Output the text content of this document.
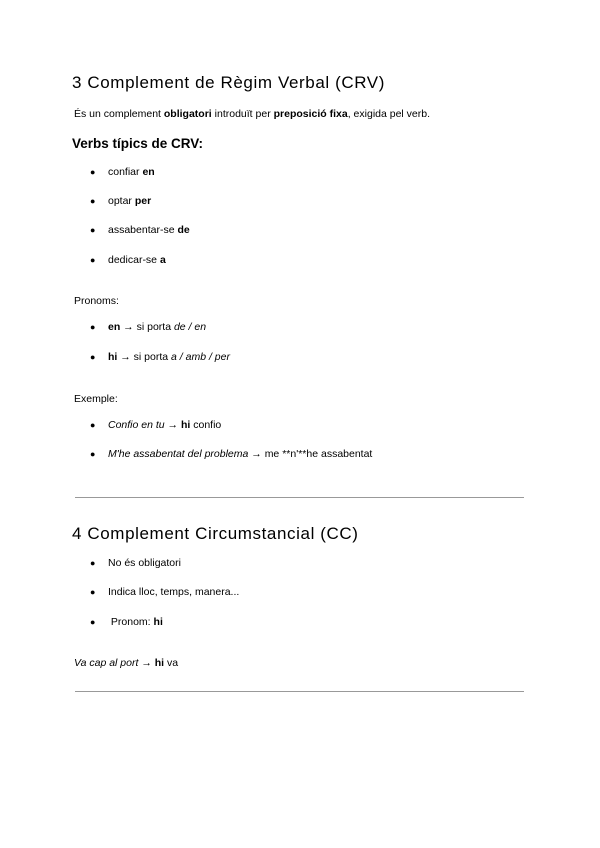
3 Complement de Règim Verbal (CRV)

És un complement obligatori introduït per preposició fixa, exigida pel verb.

Verbs típics de CRV:

● confiar en

● optar per

● assabentar-se de

● dedicar-se a

Pronoms:

● en → si porta de / en

● hi → si porta a / amb / per

Exemple:

● Confio en tu → hi confio

● M'he assabentat del problema → me **n'**he assabentat

4 Complement Circumstancial (CC)

● No és obligatori

● Indica lloc, temps, manera...

● Pronom: hi

Va cap al port → hi va
